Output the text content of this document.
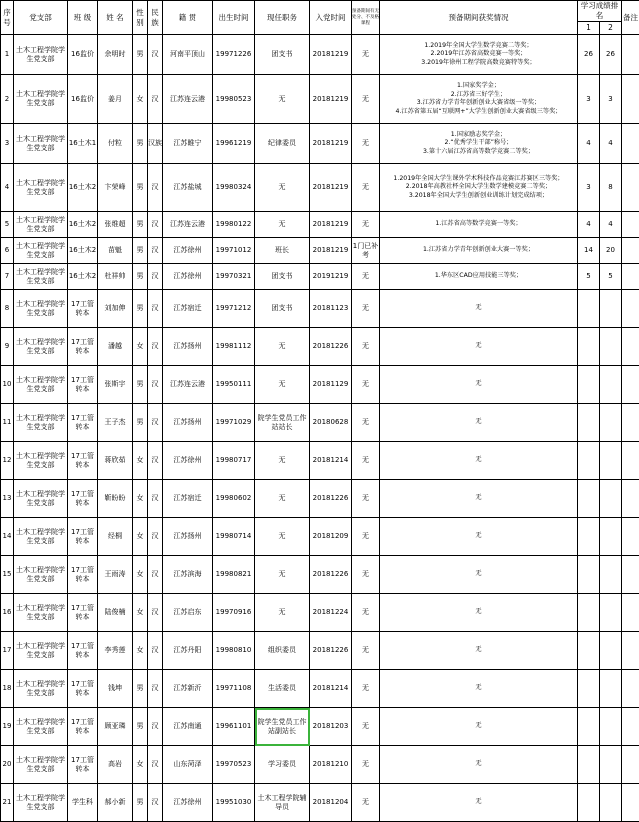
序号	党支部	班 级	姓 名	性别	民族	籍 贯	出生时间	现任职务	入党时间	预备期间有无处分、不及格课程	预备期间获奖情况	学习成绩排名		备注
												1	2	
1	土木工程学院学生党支部	16监价	余明时	男	汉	河南平顶山	19971226	团支书	20181219	无	1.2019年全国大学生数学竞赛二等奖；
2.2019年江苏省高数竞赛一等奖；
3.2019年徐州工程学院高数竞赛特等奖；	26	26	
2	土木工程学院学生党支部	16监价	姜月	女	汉	江苏连云港	19980523	无	20181219	无	1.国家奖学金；
2.江苏省三好学生；
3.江苏省力学青年创新创业大赛省级一等奖；
4.江苏省第五届“互联网+”大学生创新创业大赛省级三等奖；	3	3	
3	土木工程学院学生党支部	16土木1	付粒	男	汉族	江苏睢宁	19961219	纪律委员	20181219	无	1.国家励志奖学金；
2.“优秀学生干部”称号；
3.第十六届江苏省高等数学竞赛二等奖；	4	4	
4	土木工程学院学生党支部	16土木2	卞荣峰	男	汉	江苏盐城	19980324	无	20181219	无	1.2019年全国大学生课外学术科技作品竞赛江苏赛区三等奖；
2.2018年高教社杯全国大学生数学建模竞赛二等奖；
3.2018年全国大学生创新创业训练计划完成结项；	3	8	
5	土木工程学院学生党支部	16土木2	张维超	男	汉	江苏连云港	19980122	无	20181219	无	1.江苏省高等数学竞赛一等奖；	4	4	
6	土木工程学院学生党支部	16土木2	苗魁	男	汉	江苏徐州	19971012	班长	20181219	1门已补考	1.江苏省力学青年创新创业大赛一等奖；	14	20	
7	土木工程学院学生党支部	16土木2	杜祥帅	男	汉	江苏徐州	19970321	团支书	20191219	无	1.华东区CAD应用技能三等奖；	5	5	
8	土木工程学院学生党支部	17工管转本	刘加伸	男	汉	江苏宿迁	19971212	团支书	20181123	无	无			

9	土木工程学院学生党支部	17工管转本	潘越	女	汉	江苏扬州	19981112	无	20181226	无	无			

10	土木工程学院学生党支部	17工管转本	张斯宇	男	汉	江苏连云港	19950111	无	20181129	无	无			

11	土木工程学院学生党支部	17工管转本	王子杰	男	汉	江苏扬州	19971029	院学生党员工作站站长	20180628	无	无			

12	土木工程学院学生党支部	17工管转本	蒋欣茹	女	汉	江苏徐州	19980717	无	20181214	无	无			

13	土木工程学院学生党支部	17工管转本	靳盼盼	女	汉	江苏宿迁	19980602	无	20181226	无	无			

14	土木工程学院学生党支部	17工管转本	经桐	女	汉	江苏扬州	19980714	无	20181209	无	无			

15	土木工程学院学生党支部	17工管转本	王雨涛	女	汉	江苏滨海	19980821	无	20181226	无	无			

16	土木工程学院学生党支部	17工管转本	陆俊楠	女	汉	江苏启东	19970916	无	20181224	无	无			

17	土木工程学院学生党支部	17工管转本	李秀莲	女	汉	江苏丹阳	19980810	组织委员	20181226	无	无			

18	土木工程学院学生党支部	17工管转本	钱坤	男	汉	江苏新沂	19971108	生活委员	20181214	无	无			

19	土木工程学院学生党支部	17工管转本	顾亚璘	男	汉	江苏南通	19961101	院学生党员工作站副站长	20181203	无	无			

20	土木工程学院学生党支部	17工管转本	高岩	女	汉	山东菏泽	19970523	学习委员	20181210	无	无			

21	土木工程学院学生党支部	学生科	郝小新	男	汉	江苏徐州	19951030	土木工程学院辅导员	20181204	无	无			
